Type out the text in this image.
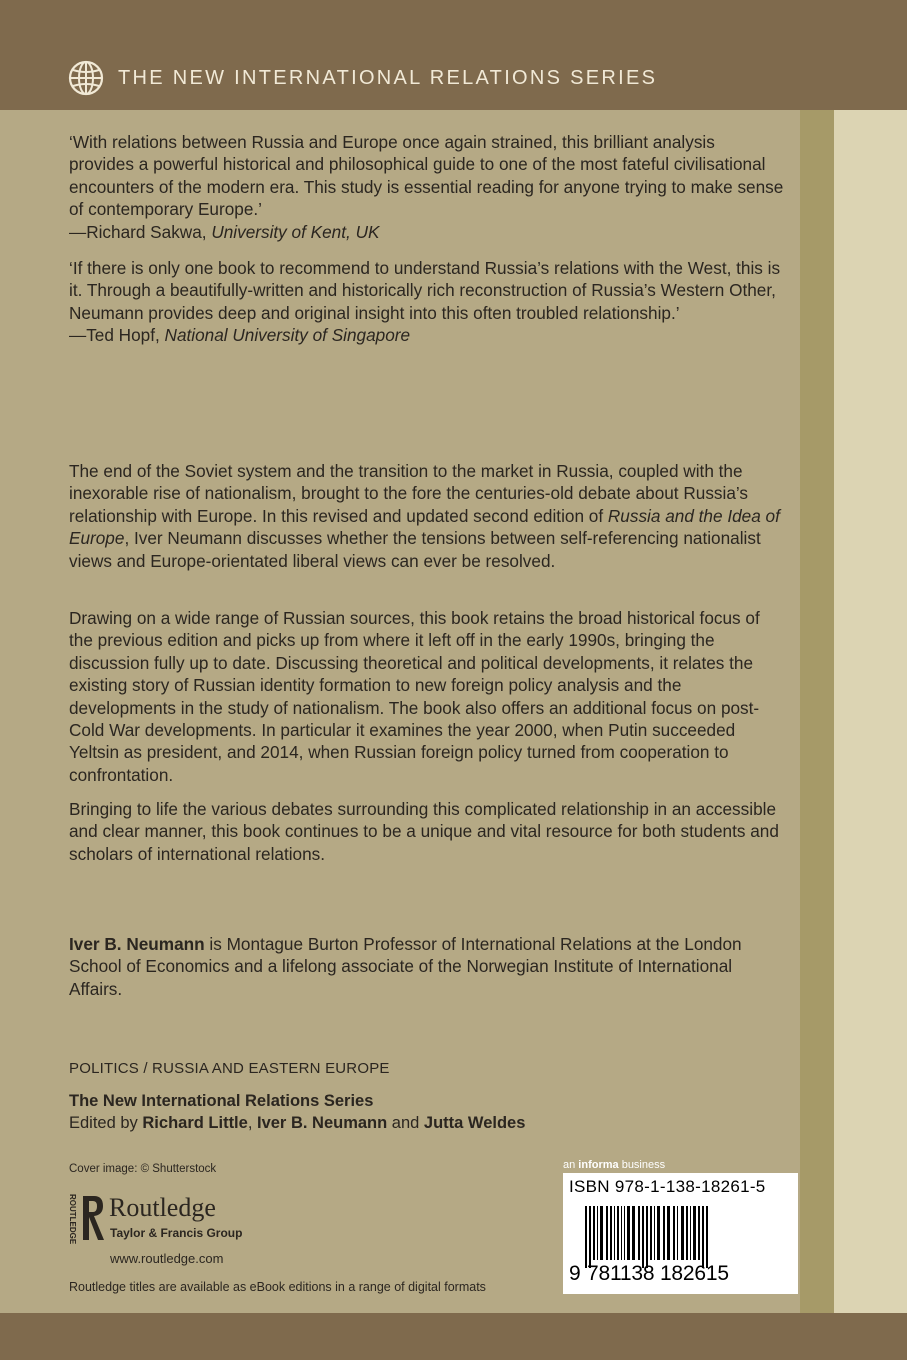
THE NEW INTERNATIONAL RELATIONS SERIES

‘With relations between Russia and Europe once again strained, this brilliant analysis provides a powerful historical and philosophical guide to one of the most fateful civilisational encounters of the modern era. This study is essential reading for anyone trying to make sense of contemporary Europe.’

—Richard Sakwa, University of Kent, UK

‘If there is only one book to recommend to understand Russia’s relations with the West, this is it. Through a beautifully-written and historically rich reconstruction of Russia’s Western Other, Neumann provides deep and original insight into this often troubled relationship.’

—Ted Hopf, National University of Singapore

The end of the Soviet system and the transition to the market in Russia, coupled with the inexorable rise of nationalism, brought to the fore the centuries-old debate about Russia’s relationship with Europe. In this revised and updated second edition of Russia and the Idea of Europe, Iver Neumann discusses whether the tensions between self-referencing nationalist views and Europe-orientated liberal views can ever be resolved.

Drawing on a wide range of Russian sources, this book retains the broad historical focus of the previous edition and picks up from where it left off in the early 1990s, bringing the discussion fully up to date. Discussing theoretical and political developments, it relates the existing story of Russian identity formation to new foreign policy analysis and the developments in the study of nationalism. The book also offers an additional focus on post-Cold War developments. In particular it examines the year 2000, when Putin succeeded Yeltsin as president, and 2014, when Russian foreign policy turned from cooperation to confrontation.

Bringing to life the various debates surrounding this complicated relationship in an accessible and clear manner, this book continues to be a unique and vital resource for both students and scholars of international relations.

Iver B. Neumann is Montague Burton Professor of International Relations at the London School of Economics and a lifelong associate of the Norwegian Institute of International Affairs.

POLITICS / RUSSIA AND EASTERN EUROPE
The New International Relations Series
Edited by Richard Little, Iver B. Neumann and Jutta Weldes
Cover image: © Shutterstock
ROUTLEDGE Routledge
Taylor & Francis Group
www.routledge.com
Routledge titles are available as eBook editions in a range of digital formats
an informa business
ISBN 978-1-138-18261-5
9 781138 182615
